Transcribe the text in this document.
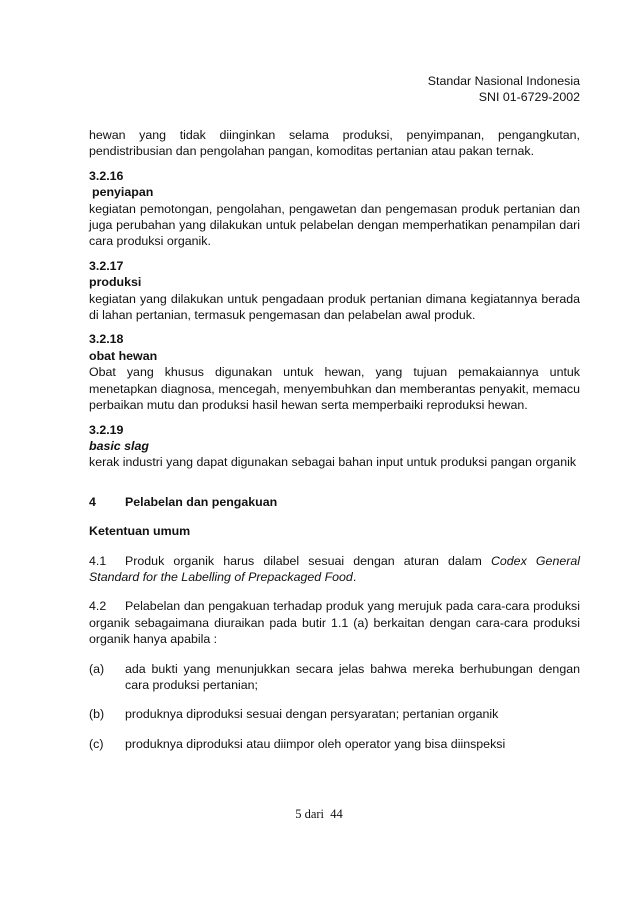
Standar Nasional Indonesia
SNI 01-6729-2002

hewan yang tidak diinginkan selama produksi, penyimpanan, pengangkutan, pendistribusian dan pengolahan pangan, komoditas pertanian atau pakan ternak.

3.2.16
penyiapan
kegiatan pemotongan, pengolahan, pengawetan dan pengemasan produk pertanian dan juga perubahan yang dilakukan untuk pelabelan dengan memperhatikan penampilan dari cara produksi organik.
3.2.17
produksi
kegiatan yang dilakukan untuk pengadaan produk pertanian dimana kegiatannya berada di lahan pertanian, termasuk pengemasan dan pelabelan awal produk.
3.2.18
obat hewan
Obat yang khusus digunakan untuk hewan, yang tujuan pemakaiannya untuk menetapkan diagnosa, mencegah, menyembuhkan dan memberantas penyakit, memacu perbaikan mutu dan produksi hasil hewan serta memperbaiki reproduksi hewan.
3.2.19
basic slag
kerak industri yang dapat digunakan sebagai bahan input untuk produksi pangan organik
4	Pelabelan dan pengakuan
Ketentuan umum
4.1 Produk organik harus dilabel sesuai dengan aturan dalam Codex General Standard for the Labelling of Prepackaged Food.
4.2 Pelabelan dan pengakuan terhadap produk yang merujuk pada cara-cara produksi organik sebagaimana diuraikan pada butir 1.1 (a) berkaitan dengan cara-cara produksi organik hanya apabila :
(a)	ada bukti yang menunjukkan secara jelas bahwa mereka berhubungan dengan cara produksi pertanian;
(b)	produknya diproduksi sesuai dengan persyaratan; pertanian organik
(c)	produknya diproduksi atau diimpor oleh operator yang bisa diinspeksi
5 dari  44
